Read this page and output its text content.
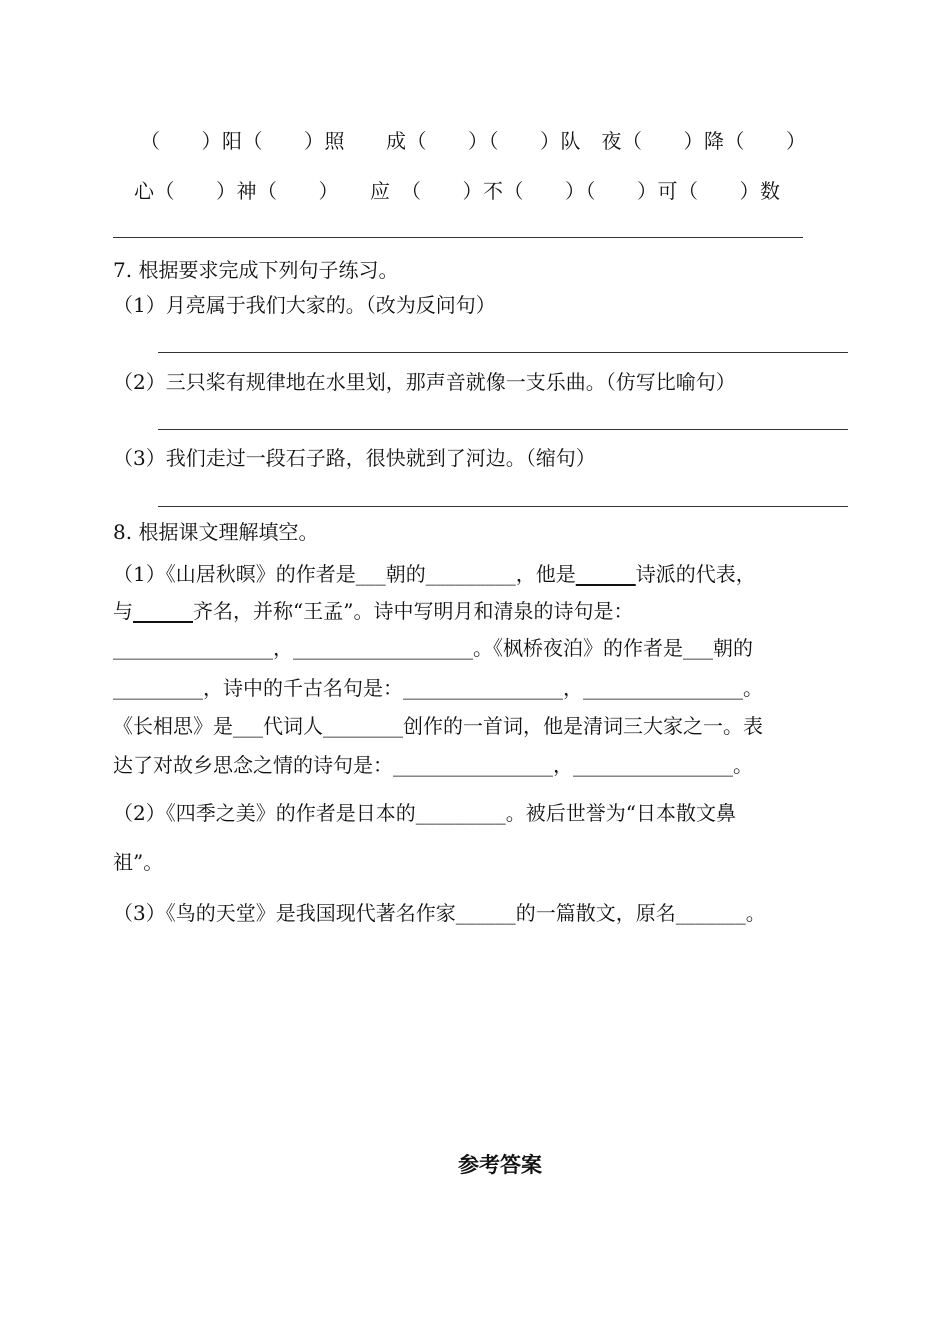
（　　）阳（　　）照　　成（　　）（　　）队　夜（　　）降（　　）
心（　　）神（　　）　　应　（　　）不（　　）（　　）可（　　）数
7. 根据要求完成下列句子练习。
（1）月亮属于我们大家的。（改为反问句）
（2）三只桨有规律地在水里划，那声音就像一支乐曲。（仿写比喻句）
（3）我们走过一段石子路，很快就到了河边。（缩句）
8. 根据课文理解填空。
（1）《山居秋暝》的作者是___朝的_________，他是　　　	诗派的代表，
与　　　	齐名，并称“王孟”。诗中写明月和清泉的诗句是：
________________，__________________。《枫桥夜泊》的作者是___朝的
_________，诗中的千古名句是：________________，________________。
《长相思》是___代词人________创作的一首词，他是清词三大家之一。表
达了对故乡思念之情的诗句是：________________，________________。
（2）《四季之美》的作者是日本的_________。被后世誉为“日本散文鼻
祖”。
（3）《鸟的天堂》是我国现代著名作家______的一篇散文，原名_______。
参考答案
